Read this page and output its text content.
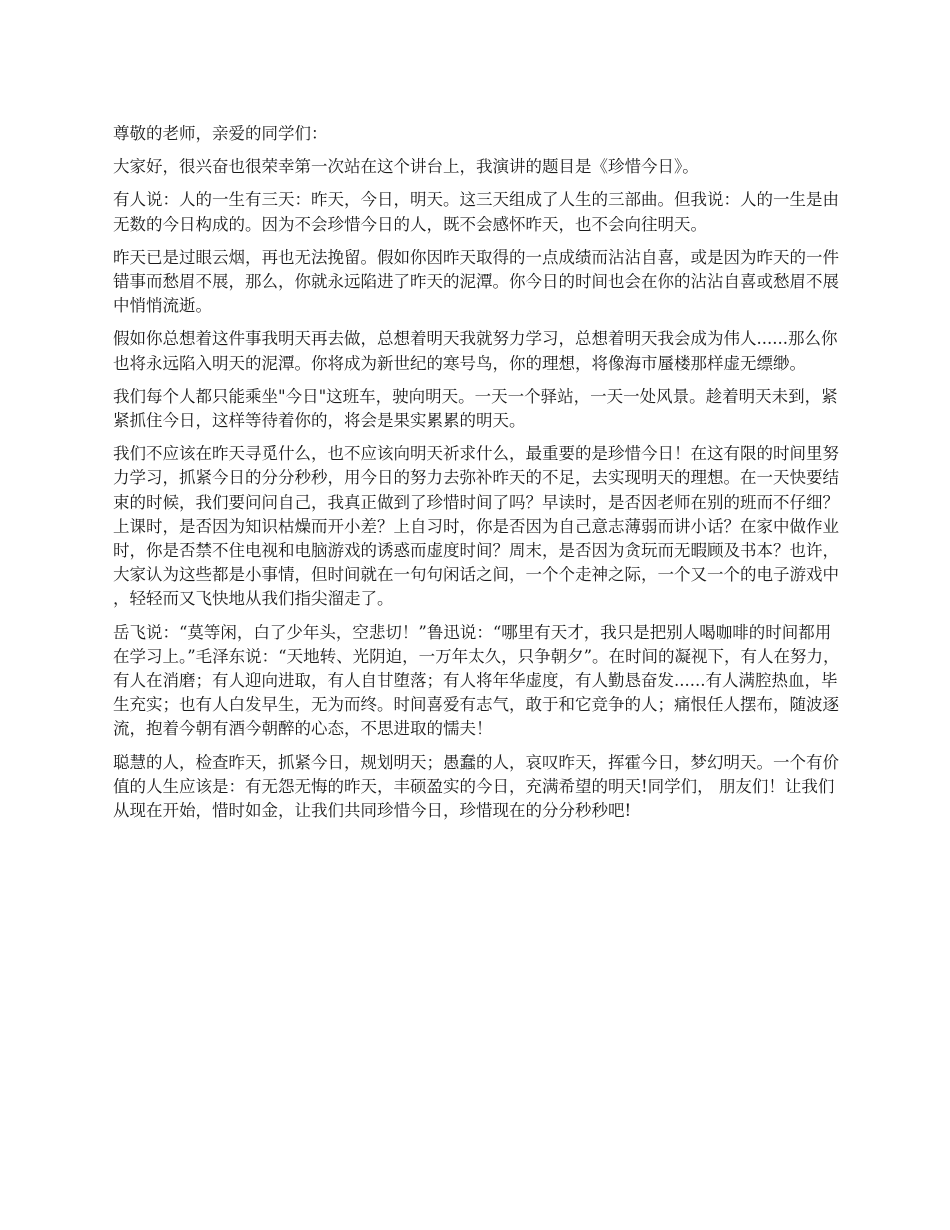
尊敬的老师，亲爱的同学们：

大家好，很兴奋也很荣幸第一次站在这个讲台上，我演讲的题目是《珍惜今日》。

有人说：人的一生有三天：昨天，今日，明天。这三天组成了人生的三部曲。但我说：人的一生是由无数的今日构成的。因为不会珍惜今日的人，既不会感怀昨天，也不会向往明天。

昨天已是过眼云烟，再也无法挽留。假如你因昨天取得的一点成绩而沾沾自喜，或是因为昨天的一件错事而愁眉不展，那么，你就永远陷进了昨天的泥潭。你今日的时间也会在你的沾沾自喜或愁眉不展中悄悄流逝。

假如你总想着这件事我明天再去做，总想着明天我就努力学习，总想着明天我会成为伟人......那么你也将永远陷入明天的泥潭。你将成为新世纪的寒号鸟，你的理想，将像海市蜃楼那样虚无缥缈。

我们每个人都只能乘坐"今日"这班车，驶向明天。一天一个驿站，一天一处风景。趁着明天未到，紧紧抓住今日，这样等待着你的，将会是果实累累的明天。

我们不应该在昨天寻觅什么，也不应该向明天祈求什么，最重要的是珍惜今日！在这有限的时间里努力学习，抓紧今日的分分秒秒，用今日的努力去弥补昨天的不足，去实现明天的理想。在一天快要结束的时候，我们要问问自己，我真正做到了珍惜时间了吗？早读时，是否因老师在别的班而不仔细？上课时，是否因为知识枯燥而开小差？上自习时，你是否因为自己意志薄弱而讲小话？在家中做作业时，你是否禁不住电视和电脑游戏的诱惑而虚度时间？周末，是否因为贪玩而无暇顾及书本？也许，大家认为这些都是小事情，但时间就在一句句闲话之间，一个个走神之际，一个又一个的电子游戏中，轻轻而又飞快地从我们指尖溜走了。

岳飞说：“莫等闲，白了少年头，空悲切！”鲁迅说：“哪里有天才，我只是把别人喝咖啡的时间都用在学习上。”毛泽东说：“天地转、光阴迫，一万年太久，只争朝夕”。在时间的凝视下，有人在努力，有人在消磨；有人迎向进取，有人自甘堕落；有人将年华虚度，有人勤恳奋发......有人满腔热血，毕生充实；也有人白发早生，无为而终。时间喜爱有志气，敢于和它竞争的人；痛恨任人摆布，随波逐流，抱着今朝有酒今朝醉的心态，不思进取的懦夫！

聪慧的人，检查昨天，抓紧今日，规划明天；愚蠢的人，哀叹昨天，挥霍今日，梦幻明天。一个有价值的人生应该是：有无怨无悔的昨天，丰硕盈实的今日，充满希望的明天!同学们， 朋友们！让我们从现在开始，惜时如金，让我们共同珍惜今日，珍惜现在的分分秒秒吧!
